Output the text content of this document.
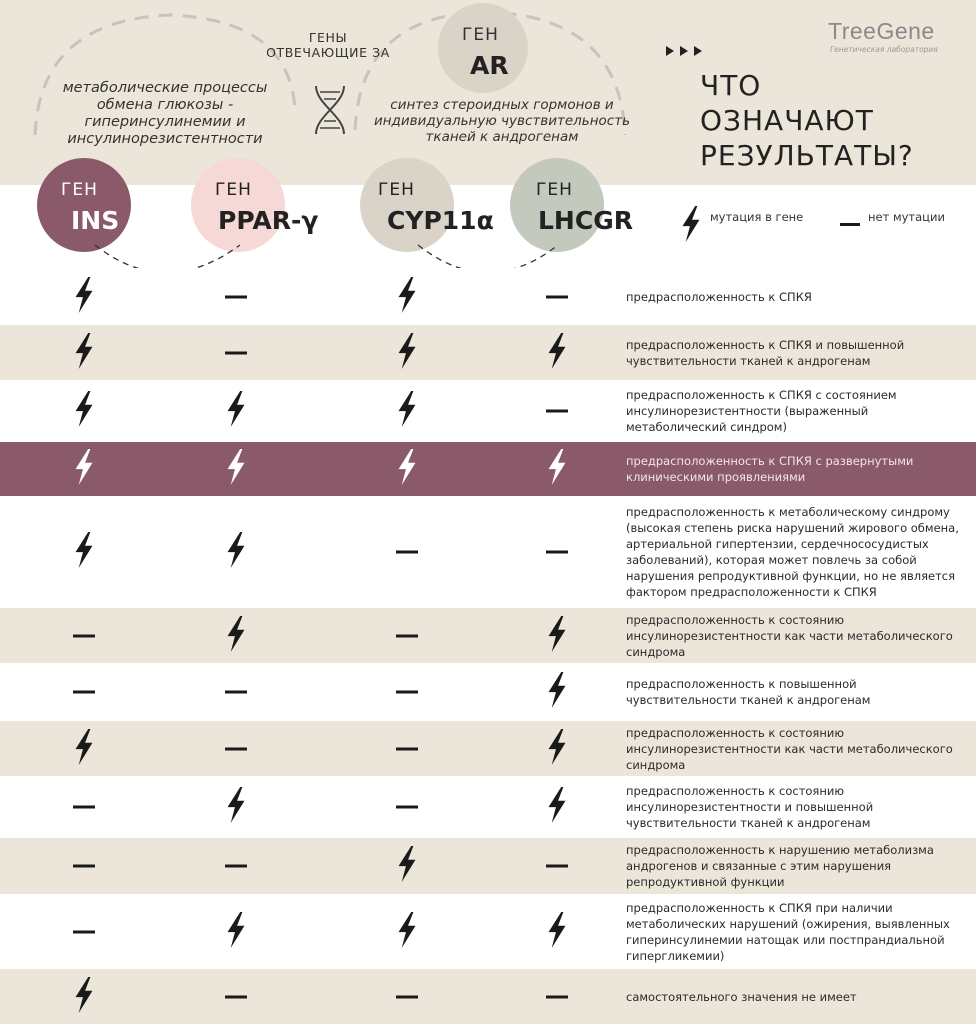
ГЕНЫ ОТВЕЧАЮЩИЕ ЗА
метаболические процессы обмена глюкозы - гиперинсулинемии и инсулинорезистентности
синтез стероидных гормонов и индивидуальную чувствительность тканей к андрогенам
ГЕН
AR
TreeGene
Генетическая лаборатория
ЧТО
ОЗНАЧАЮТ
РЕЗУЛЬТАТЫ?
ГЕН
INS
ГЕН
PPAR-γ
ГЕН
CYP11α
ГЕН
LHCGR	мутация в гене	нет мутации
предрасположенность к СПКЯ
предрасположенность к СПКЯ и повышенной чувствительности тканей к андрогенам
предрасположенность к СПКЯ с состоянием инсулинорезистентности (выраженный метаболический синдром)
предрасположенность к СПКЯ с развернутыми клиническими проявлениями
предрасположенность к метаболическому синдрому (высокая степень риска нарушений жирового обмена, артериальной гипертензии, сердечнососудистых заболеваний), которая может повлечь за собой нарушения репродуктивной функции, но не является фактором предрасположенности к СПКЯ
предрасположенность к состоянию инсулинорезистентности как части метаболического синдрома
предрасположенность к повышенной чувствительности тканей к андрогенам
предрасположенность к состоянию инсулинорезистентности как части метаболического синдрома
предрасположенность к состоянию инсулинорезистентности и повышенной чувствительности тканей к андрогенам
предрасположенность к нарушению метаболизма андрогенов и связанные с этим нарушения репродуктивной функции
предрасположенность к СПКЯ при наличии метаболических нарушений (ожирения, выявленных гиперинсулинемии натощак или постпрандиальной гипергликемии)
самостоятельного значения не имеет
